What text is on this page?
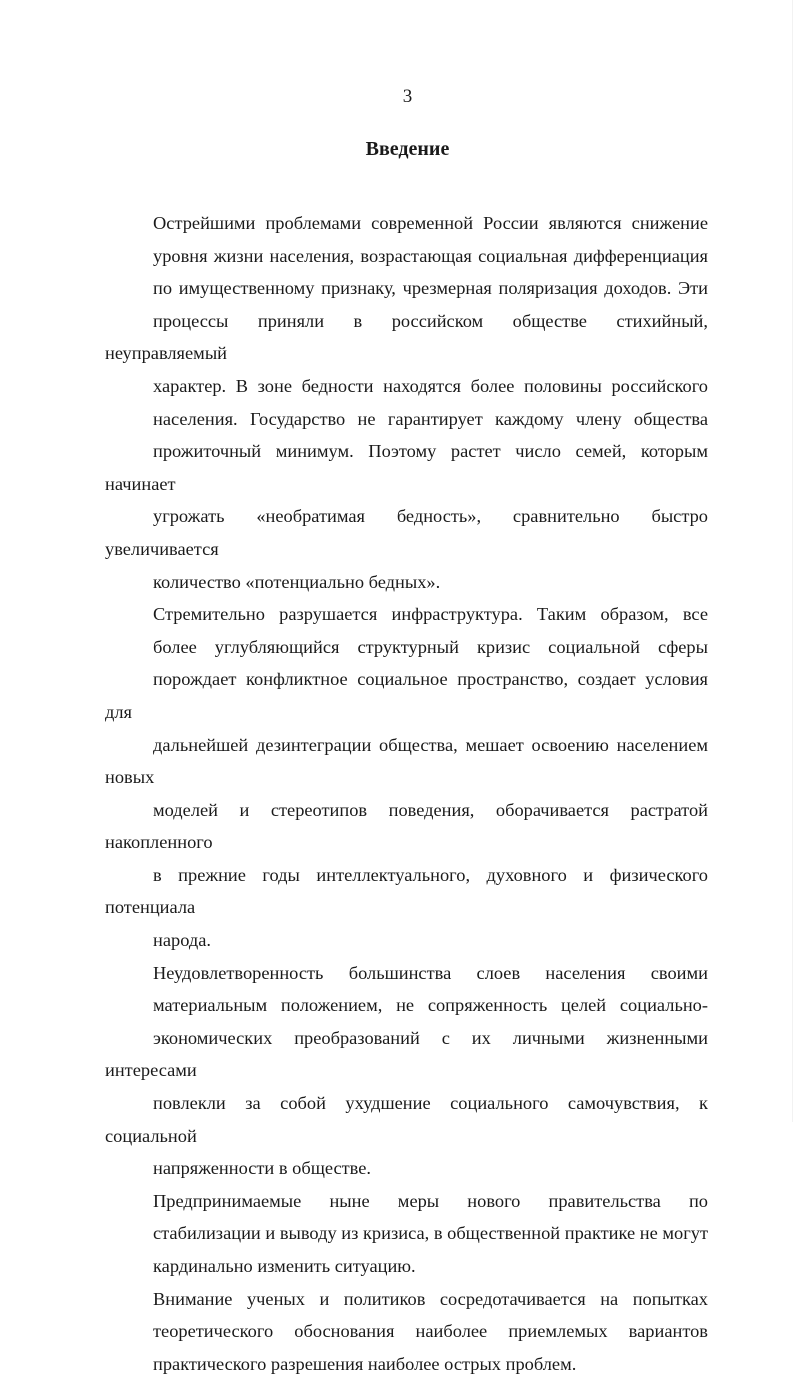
3
Введение
Острейшими проблемами современной России являются снижение
уровня жизни населения, возрастающая социальная дифференциация
по имущественному признаку, чрезмерная поляризация доходов. Эти
процессы приняли в российском обществе стихийный, неуправляемый
характер. В зоне бедности находятся более половины российского
населения. Государство не гарантирует каждому члену общества
прожиточный минимум. Поэтому растет число семей, которым начинает
угрожать «необратимая бедность», сравнительно быстро увеличивается
количество «потенциально бедных».
Стремительно разрушается инфраструктура. Таким образом, все
более углубляющийся структурный кризис социальной сферы
порождает конфликтное социальное пространство, создает условия для
дальнейшей дезинтеграции общества, мешает освоению населением новых
моделей и стереотипов поведения, оборачивается растратой накопленного
в прежние годы интеллектуального, духовного и физического потенциала
народа.
Неудовлетворенность большинства слоев населения своими
материальным положением, не сопряженность целей социально-
экономических преобразований с их личными жизненными интересами
повлекли за собой ухудшение социального самочувствия, к социальной
напряженности в обществе.
Предпринимаемые ныне меры нового правительства по
стабилизации и выводу из кризиса, в общественной практике не могут
кардинально изменить ситуацию.
Внимание ученых и политиков сосредотачивается на попытках
теоретического обоснования наиболее приемлемых вариантов
практического разрешения наиболее острых проблем.
